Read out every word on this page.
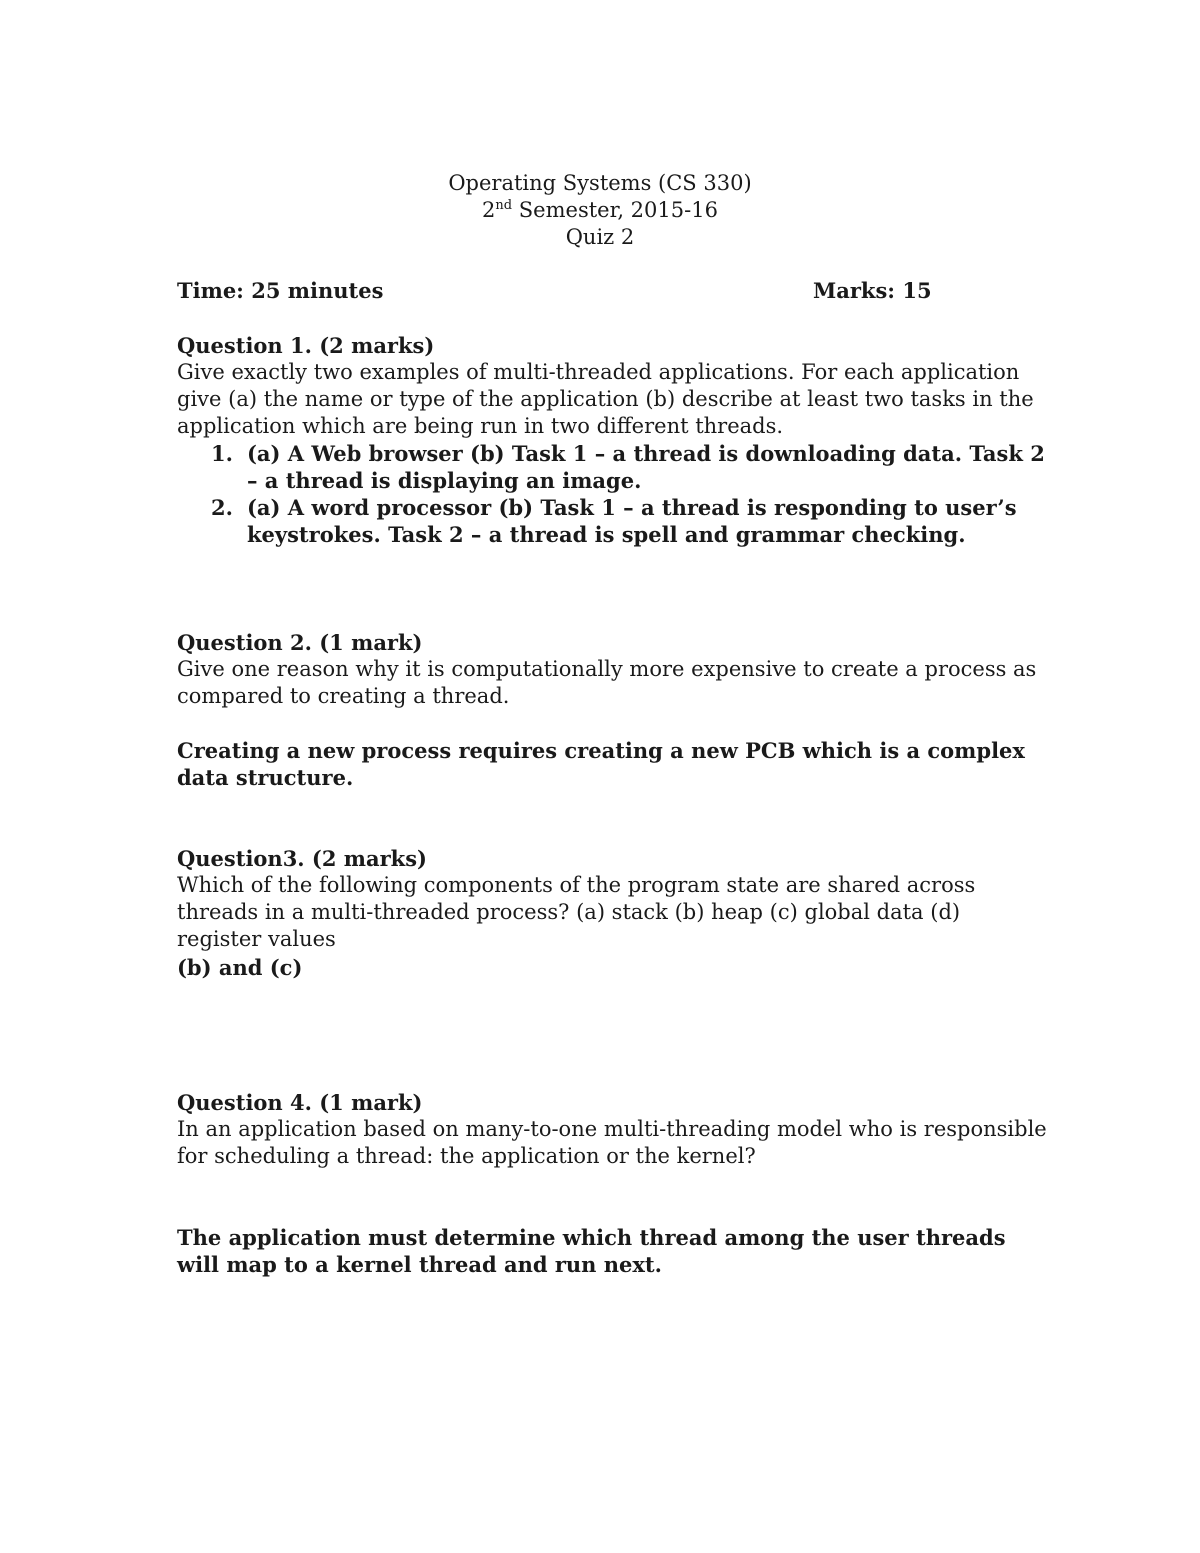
Operating Systems (CS 330)
2nd Semester, 2015-16
Quiz 2
Time: 25 minutes	Marks: 15
Question 1. (2 marks)
Give exactly two examples of multi-threaded applications. For each application give (a) the name or type of the application (b) describe at least two tasks in the application which are being run in two different threads.
1. (a) A Web browser (b) Task 1 – a thread is downloading data. Task 2 – a thread is displaying an image.
2. (a) A word processor (b) Task 1 – a thread is responding to user’s keystrokes. Task 2 – a thread is spell and grammar checking.
Question 2. (1 mark)
Give one reason why it is computationally more expensive to create a process as compared to creating a thread.
Creating a new process requires creating a new PCB which is a complex data structure.
Question3. (2 marks)
Which of the following components of the program state are shared across threads in a multi-threaded process? (a) stack (b) heap (c) global data (d) register values
(b) and (c)
Question 4. (1 mark)
In an application based on many-to-one multi-threading model who is responsible for scheduling a thread: the application or the kernel?
The application must determine which thread among the user threads will map to a kernel thread and run next.
